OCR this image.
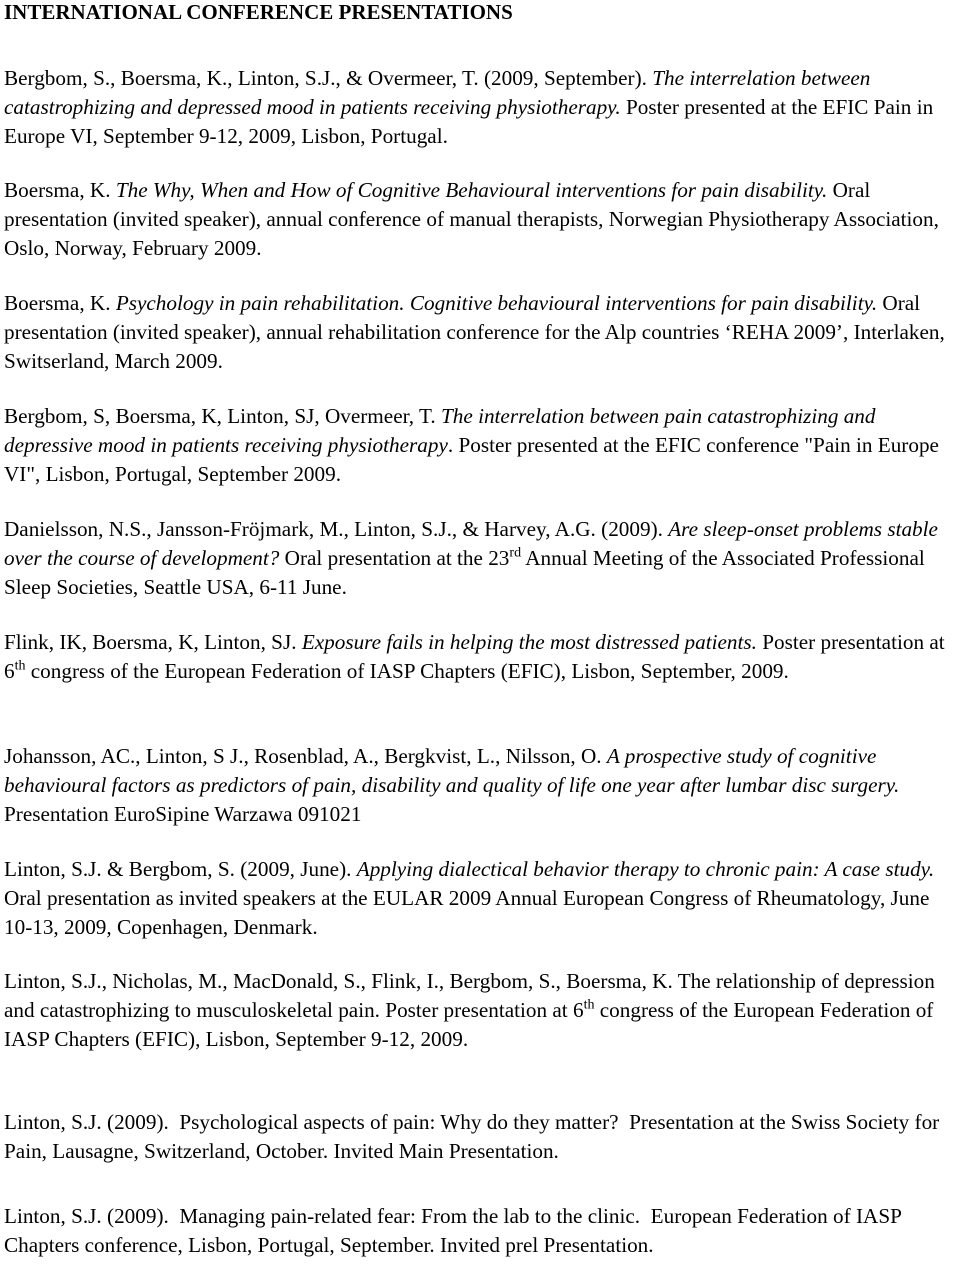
INTERNATIONAL CONFERENCE PRESENTATIONS

Bergbom, S., Boersma, K., Linton, S.J., & Overmeer, T. (2009, September). The interrelation between catastrophizing and depressed mood in patients receiving physiotherapy. Poster presented at the EFIC Pain in Europe VI, September 9-12, 2009, Lisbon, Portugal.

Boersma, K. The Why, When and How of Cognitive Behavioural interventions for pain disability. Oral presentation (invited speaker), annual conference of manual therapists, Norwegian Physiotherapy Association, Oslo, Norway, February 2009.

Boersma, K. Psychology in pain rehabilitation. Cognitive behavioural interventions for pain disability. Oral presentation (invited speaker), annual rehabilitation conference for the Alp countries ‘REHA 2009’, Interlaken, Switserland, March 2009.

Bergbom, S, Boersma, K, Linton, SJ, Overmeer, T. The interrelation between pain catastrophizing and depressive mood in patients receiving physiotherapy. Poster presented at the EFIC conference "Pain in Europe VI", Lisbon, Portugal, September 2009.

Danielsson, N.S., Jansson-Fröjmark, M., Linton, S.J., & Harvey, A.G. (2009). Are sleep-onset problems stable over the course of development? Oral presentation at the 23rd Annual Meeting of the Associated Professional Sleep Societies, Seattle USA, 6-11 June.

Flink, IK, Boersma, K, Linton, SJ. Exposure fails in helping the most distressed patients. Poster presentation at 6th congress of the European Federation of IASP Chapters (EFIC), Lisbon, September, 2009.

Johansson, AC., Linton, S J., Rosenblad, A., Bergkvist, L., Nilsson, O. A prospective study of cognitive behavioural factors as predictors of pain, disability and quality of life one year after lumbar disc surgery. Presentation EuroSipine Warzawa 091021

Linton, S.J. & Bergbom, S. (2009, June). Applying dialectical behavior therapy to chronic pain: A case study. Oral presentation as invited speakers at the EULAR 2009 Annual European Congress of Rheumatology, June 10-13, 2009, Copenhagen, Denmark.

Linton, S.J., Nicholas, M., MacDonald, S., Flink, I., Bergbom, S., Boersma, K. The relationship of depression and catastrophizing to musculoskeletal pain. Poster presentation at 6th congress of the European Federation of IASP Chapters (EFIC), Lisbon, September 9-12, 2009.

Linton, S.J. (2009). Psychological aspects of pain: Why do they matter? Presentation at the Swiss Society for Pain, Lausagne, Switzerland, October. Invited Main Presentation.

Linton, S.J. (2009). Managing pain-related fear: From the lab to the clinic. European Federation of IASP Chapters conference, Lisbon, Portugal, September. Invited prel Presentation.
